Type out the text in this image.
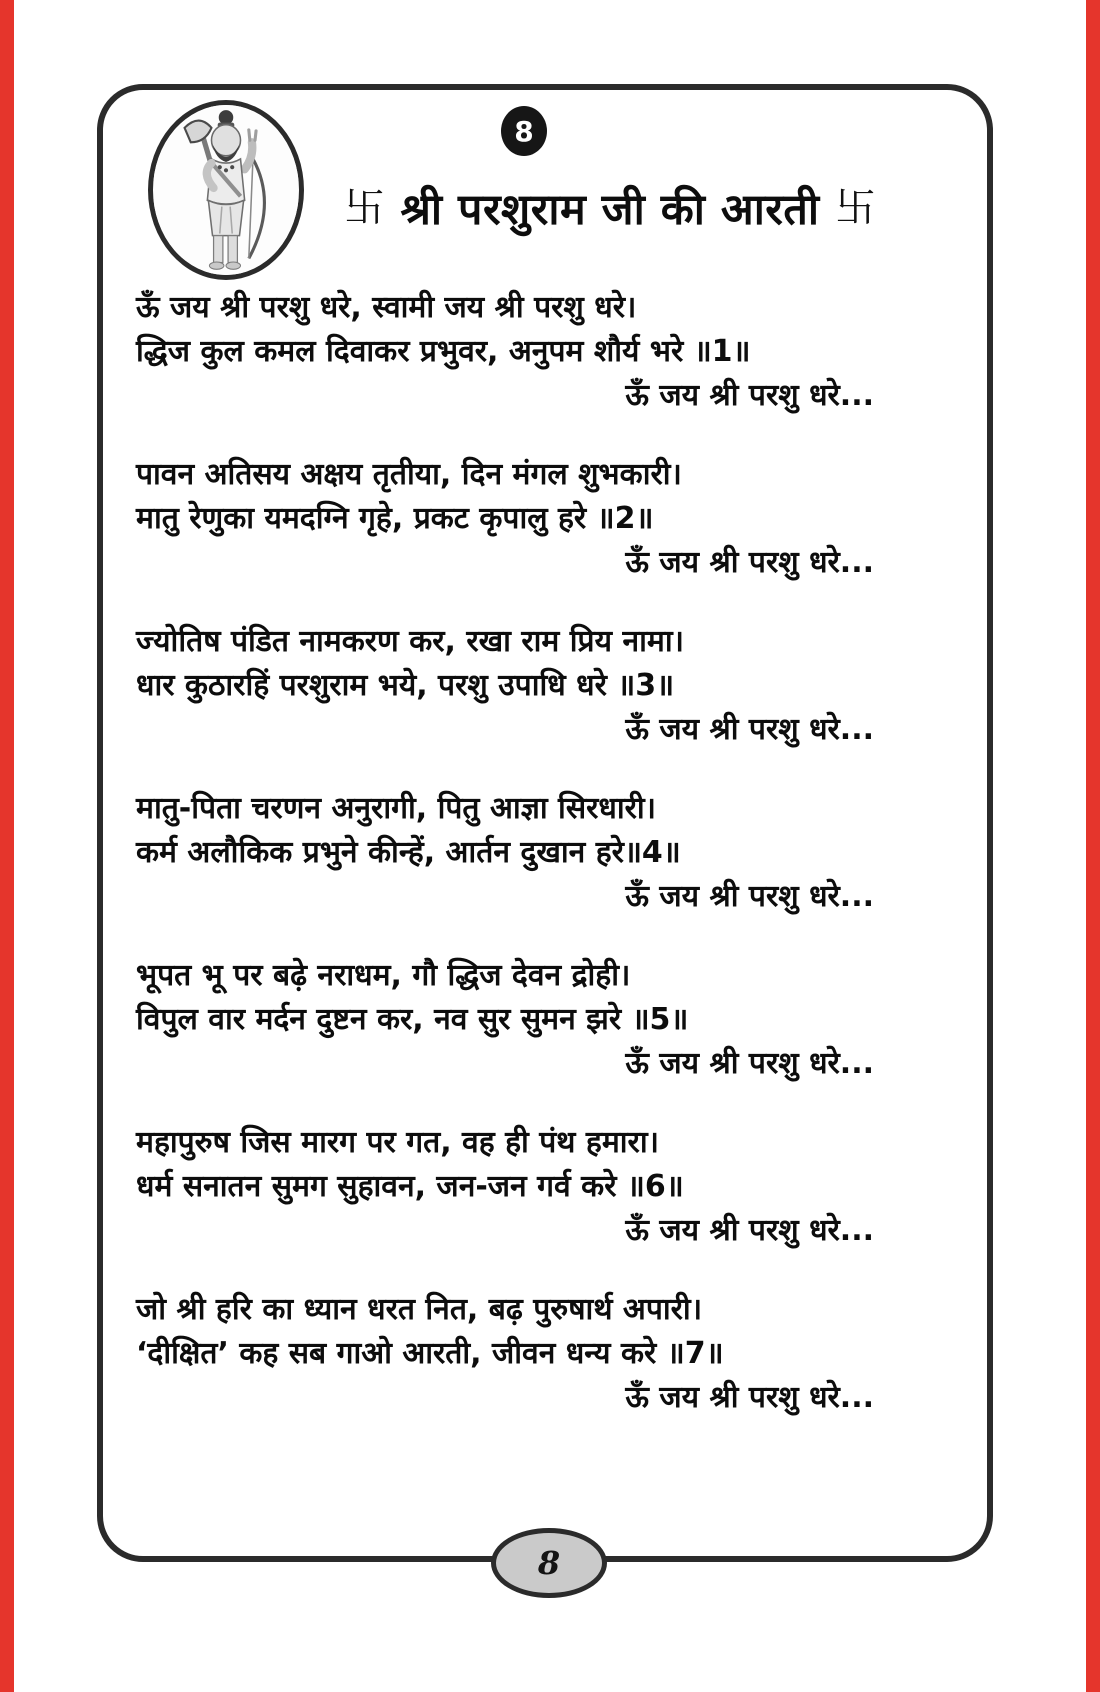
8
卐 श्री परशुराम जी की आरती 卐
ऊँ जय श्री परशु धरे, स्वामी जय श्री परशु धरे।
द्धिज कुल कमल दिवाकर प्रभुवर, अनुपम शौर्य भरे ॥1॥
ऊँ जय श्री परशु धरे...
पावन अतिसय अक्षय तृतीया, दिन मंगल शुभकारी।
मातु रेणुका यमदग्नि गृहे, प्रकट कृपालु हरे ॥2॥
ऊँ जय श्री परशु धरे...
ज्योतिष पंडित नामकरण कर, रखा राम प्रिय नामा।
धार कुठारहिं परशुराम भये, परशु उपाधि धरे ॥3॥
ऊँ जय श्री परशु धरे...
मातु-पिता चरणन अनुरागी, पितु आज्ञा सिरधारी।
कर्म अलौकिक प्रभुने कीन्हें, आर्तन दुखान हरे॥4॥
ऊँ जय श्री परशु धरे...
भूपत भू पर बढ़े नराधम, गौ द्धिज देवन द्रोही।
विपुल वार मर्दन दुष्टन कर, नव सुर सुमन झरे ॥5॥
ऊँ जय श्री परशु धरे...
महापुरुष जिस मारग पर गत, वह ही पंथ हमारा।
धर्म सनातन सुमग सुहावन, जन-जन गर्व करे ॥6॥
ऊँ जय श्री परशु धरे...
जो श्री हरि का ध्यान धरत नित, बढ़ पुरुषार्थ अपारी।
‘दीक्षित’ कह सब गाओ आरती, जीवन धन्य करे ॥7॥
ऊँ जय श्री परशु धरे...
8
